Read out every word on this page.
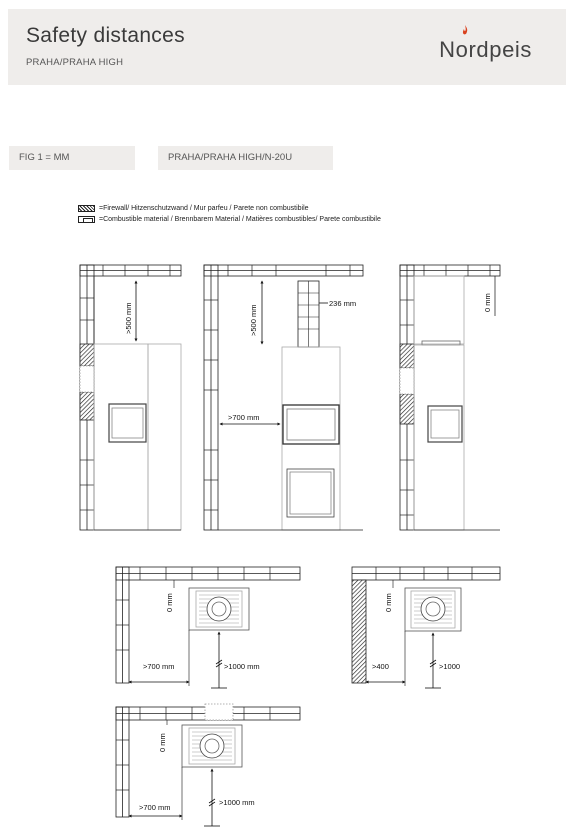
Safety distances
PRAHA/PRAHA HIGH
Nordpeis
FIG 1 = MM	PRAHA/PRAHA HIGH/N-20U
=Firewall/ Hitzenschutzwand / Mur parfeu / Parete non combustibile
=Combustible material / Brennbarem Material / Matières combustibles/ Parete combustibile
>500 mm	>500 mm
>700 mm
236 mm	0 mm
0 mm
>700 mm	>1000 mm
0 mm
>400	>1000
0 mm
>700 mm
>1000 mm
